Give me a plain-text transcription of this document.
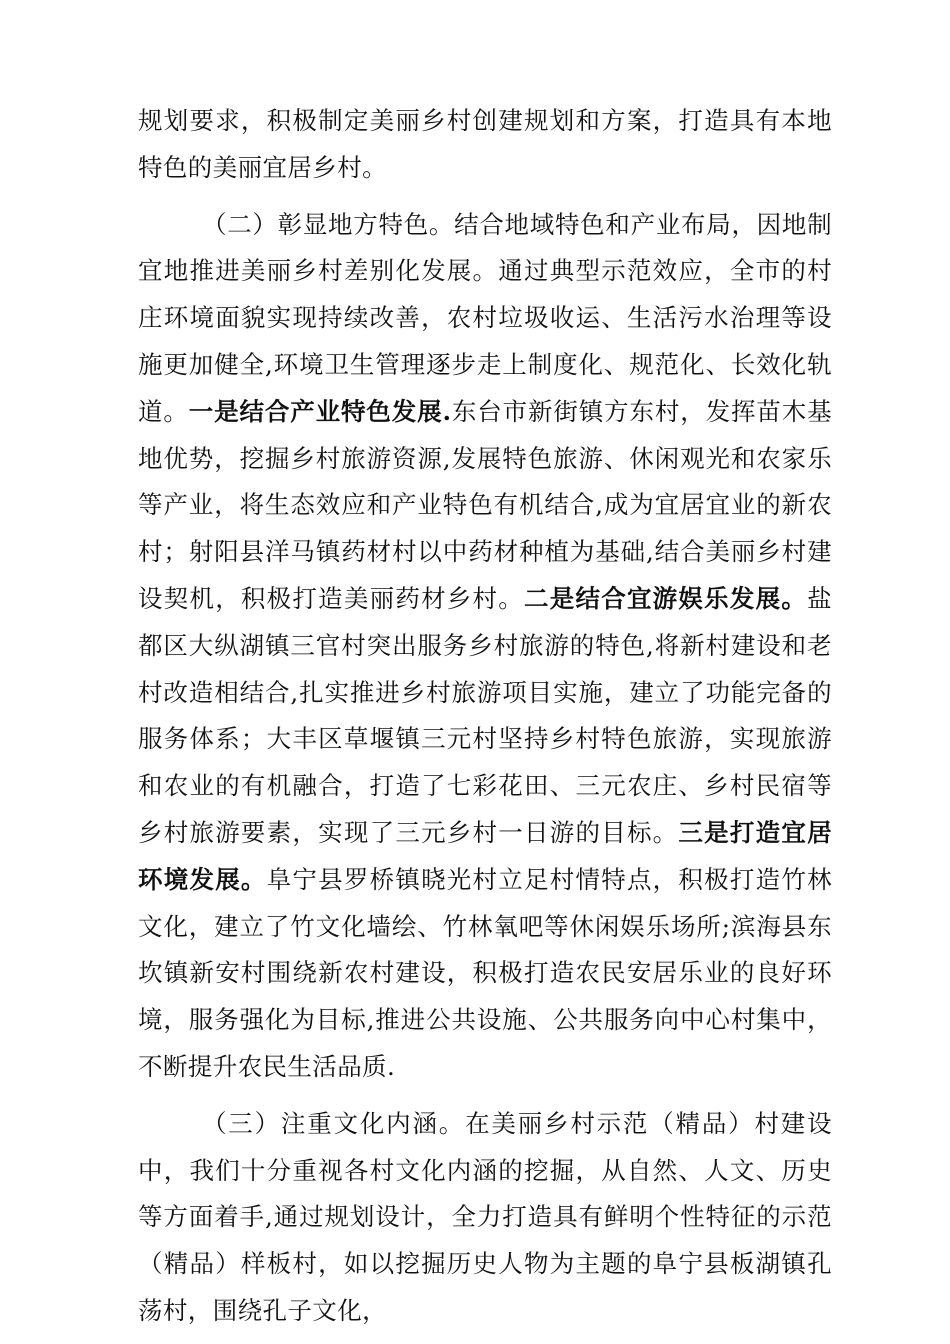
规划要求，积极制定美丽乡村创建规划和方案，打造具有本地特色的美丽宜居乡村。

（二）彰显地方特色。结合地域特色和产业布局，因地制宜地推进美丽乡村差别化发展。通过典型示范效应，全市的村庄环境面貌实现持续改善，农村垃圾收运、生活污水治理等设施更加健全,环境卫生管理逐步走上制度化、规范化、长效化轨道。一是结合产业特色发展.东台市新街镇方东村，发挥苗木基地优势，挖掘乡村旅游资源,发展特色旅游、休闲观光和农家乐等产业，将生态效应和产业特色有机结合,成为宜居宜业的新农村；射阳县洋马镇药材村以中药材种植为基础,结合美丽乡村建设契机，积极打造美丽药材乡村。二是结合宜游娱乐发展。盐都区大纵湖镇三官村突出服务乡村旅游的特色,将新村建设和老村改造相结合,扎实推进乡村旅游项目实施，建立了功能完备的服务体系；大丰区草堰镇三元村坚持乡村特色旅游，实现旅游和农业的有机融合，打造了七彩花田、三元农庄、乡村民宿等乡村旅游要素，实现了三元乡村一日游的目标。三是打造宜居环境发展。阜宁县罗桥镇晓光村立足村情特点，积极打造竹林文化，建立了竹文化墙绘、竹林氧吧等休闲娱乐场所;滨海县东坎镇新安村围绕新农村建设，积极打造农民安居乐业的良好环境，服务强化为目标,推进公共设施、公共服务向中心村集中，不断提升农民生活品质.

（三）注重文化内涵。在美丽乡村示范（精品）村建设中，我们十分重视各村文化内涵的挖掘，从自然、人文、历史等方面着手,通过规划设计，全力打造具有鲜明个性特征的示范（精品）样板村，如以挖掘历史人物为主题的阜宁县板湖镇孔荡村，围绕孔子文化，
